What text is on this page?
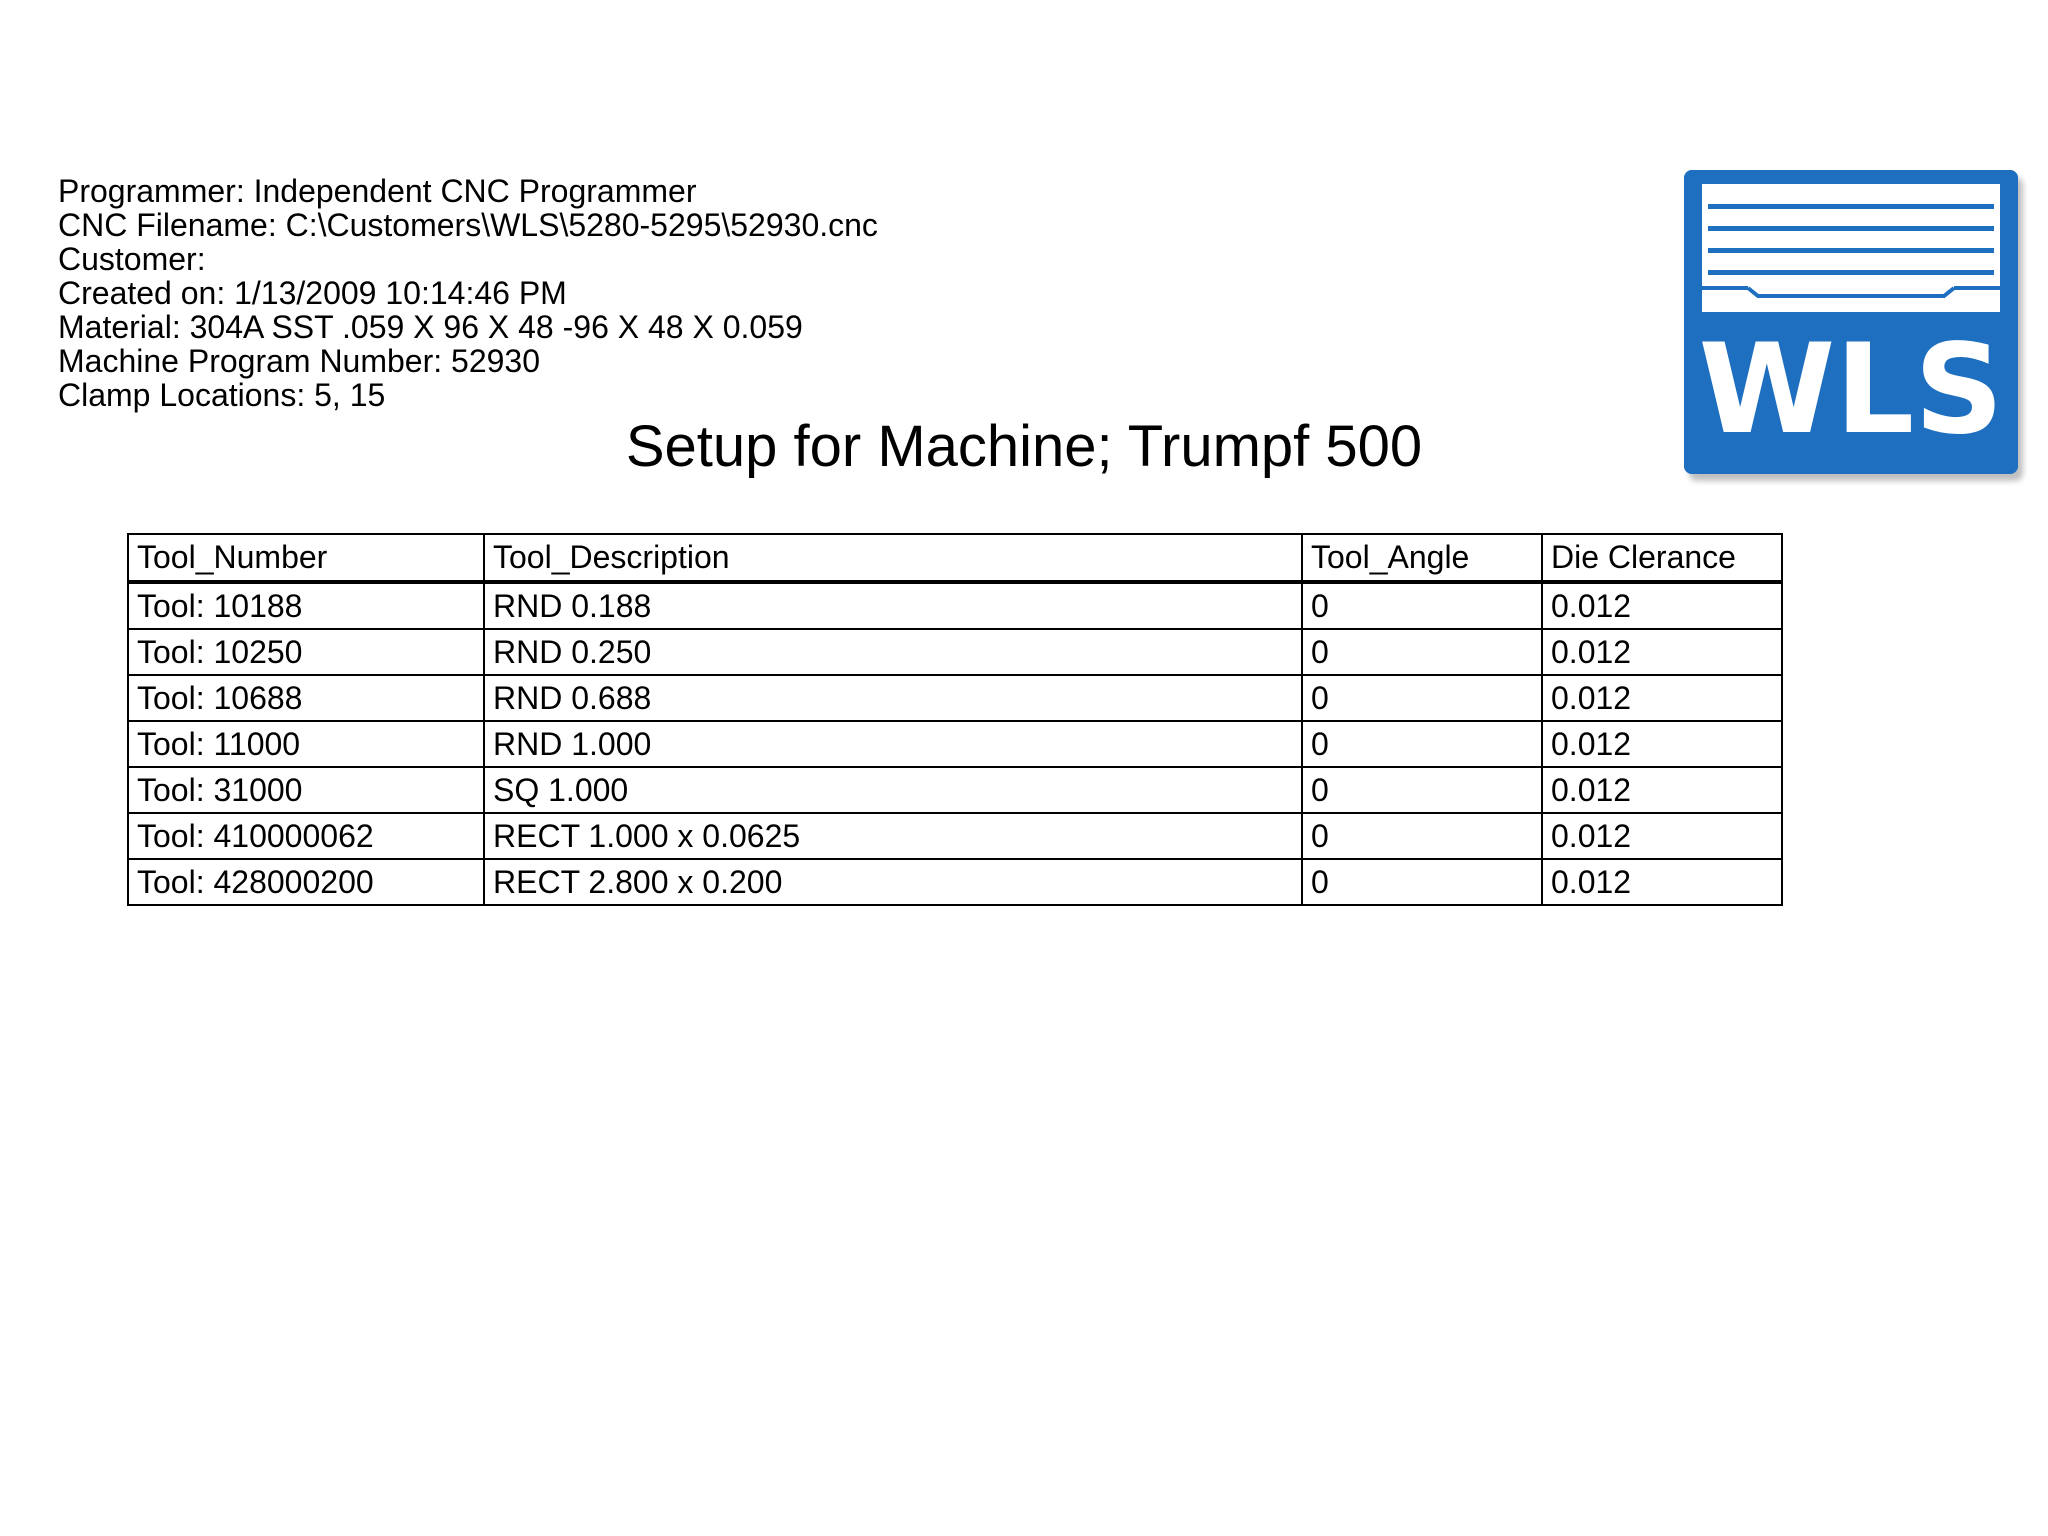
Programmer: Independent CNC Programmer
CNC Filename: C:\Customers\WLS\5280-5295\52930.cnc
Customer:
Created on: 1/13/2009 10:14:46 PM
Material: 304A SST .059 X 96 X 48 -96 X 48 X 0.059
Machine Program Number: 52930
Clamp Locations: 5, 15	WLS
Setup for Machine; Trumpf 500
Tool_Number	Tool_Description	Tool_Angle	Die Clerance
Tool: 10188	RND 0.188	0	0.012
Tool: 10250	RND 0.250	0	0.012
Tool: 10688	RND 0.688	0	0.012
Tool: 11000	RND 1.000	0	0.012
Tool: 31000	SQ 1.000	0	0.012
Tool: 410000062	RECT 1.000 x 0.0625	0	0.012
Tool: 428000200	RECT 2.800 x 0.200	0	0.012
